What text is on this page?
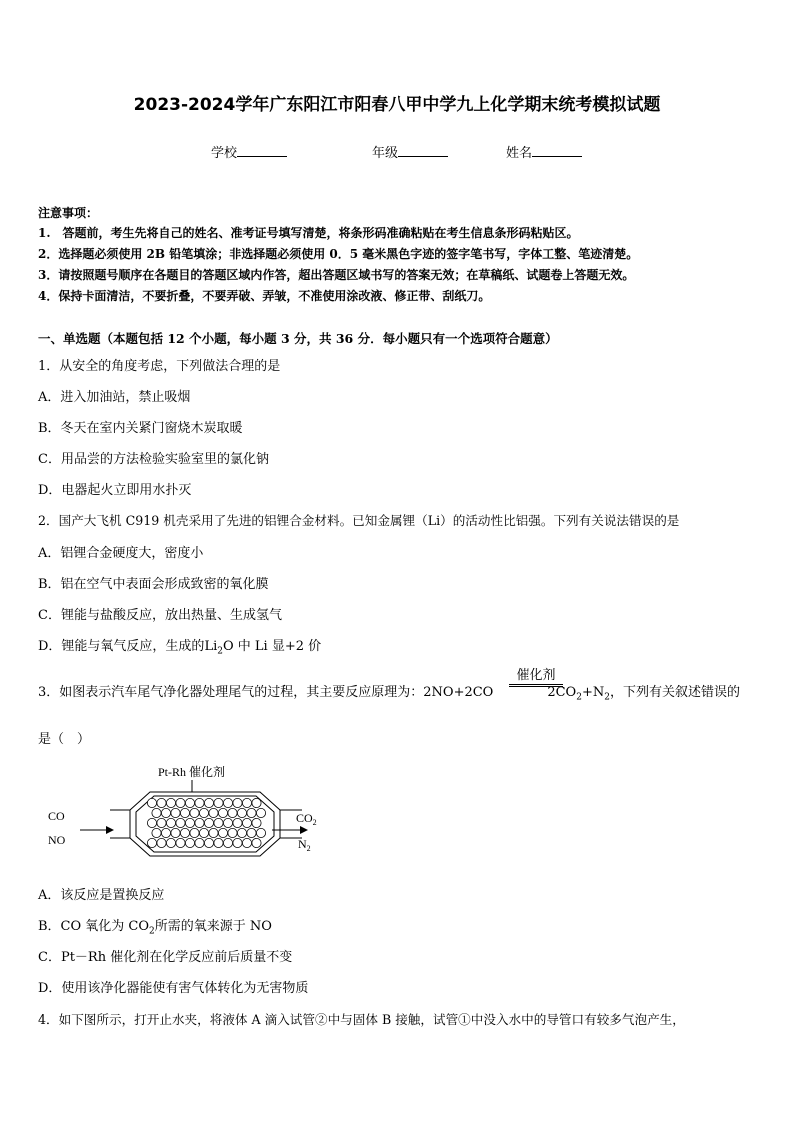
2023-2024学年广东阳江市阳春八甲中学九上化学期末统考模拟试题
学校	年级	姓名
注意事项：
1.　答题前，考生先将自己的姓名、准考证号填写清楚，将条形码准确粘贴在考生信息条形码粘贴区。
2．选择题必须使用 2B 铅笔填涂；非选择题必须使用 0．5 毫米黑色字迹的签字笔书写，字体工整、笔迹清楚。
3．请按照题号顺序在各题目的答题区域内作答，超出答题区域书写的答案无效；在草稿纸、试题卷上答题无效。
4．保持卡面清洁，不要折叠，不要弄破、弄皱，不准使用涂改液、修正带、刮纸刀。
一、单选题（本题包括 12 个小题，每小题 3 分，共 36 分．每小题只有一个选项符合题意）
1．从安全的角度考虑，下列做法合理的是
A．进入加油站，禁止吸烟
B．冬天在室内关紧门窗烧木炭取暖
C．用品尝的方法检验实验室里的氯化钠
D．电器起火立即用水扑灭
2．国产大飞机 C919 机壳采用了先进的铝锂合金材料。已知金属锂（Li）的活动性比铝强。下列有关说法错误的是
A．铝锂合金硬度大，密度小
B．铝在空气中表面会形成致密的氧化膜
C．锂能与盐酸反应，放出热量、生成氢气
D．锂能与氧气反应，生成的$Li_2O$ 中 Li 显+2 价
3．如图表示汽车尾气净化器处理尾气的过程，其主要反应原理为：2NO+2CO	$2CO_2+N_2$，下列有关叙述错误的
催化剂
是（　）
Pt-Rh 催化剂
CO
NO
$CO_2$
$N_2$
A．该反应是置换反应
B．CO 氧化为 $CO_2$所需的氧来源于 NO
C．Pt－Rh 催化剂在化学反应前后质量不变
D．使用该净化器能使有害气体转化为无害物质
4．如下图所示，打开止水夹，将液体 A 滴入试管②中与固体 B 接触，试管①中没入水中的导管口有较多气泡产生，
